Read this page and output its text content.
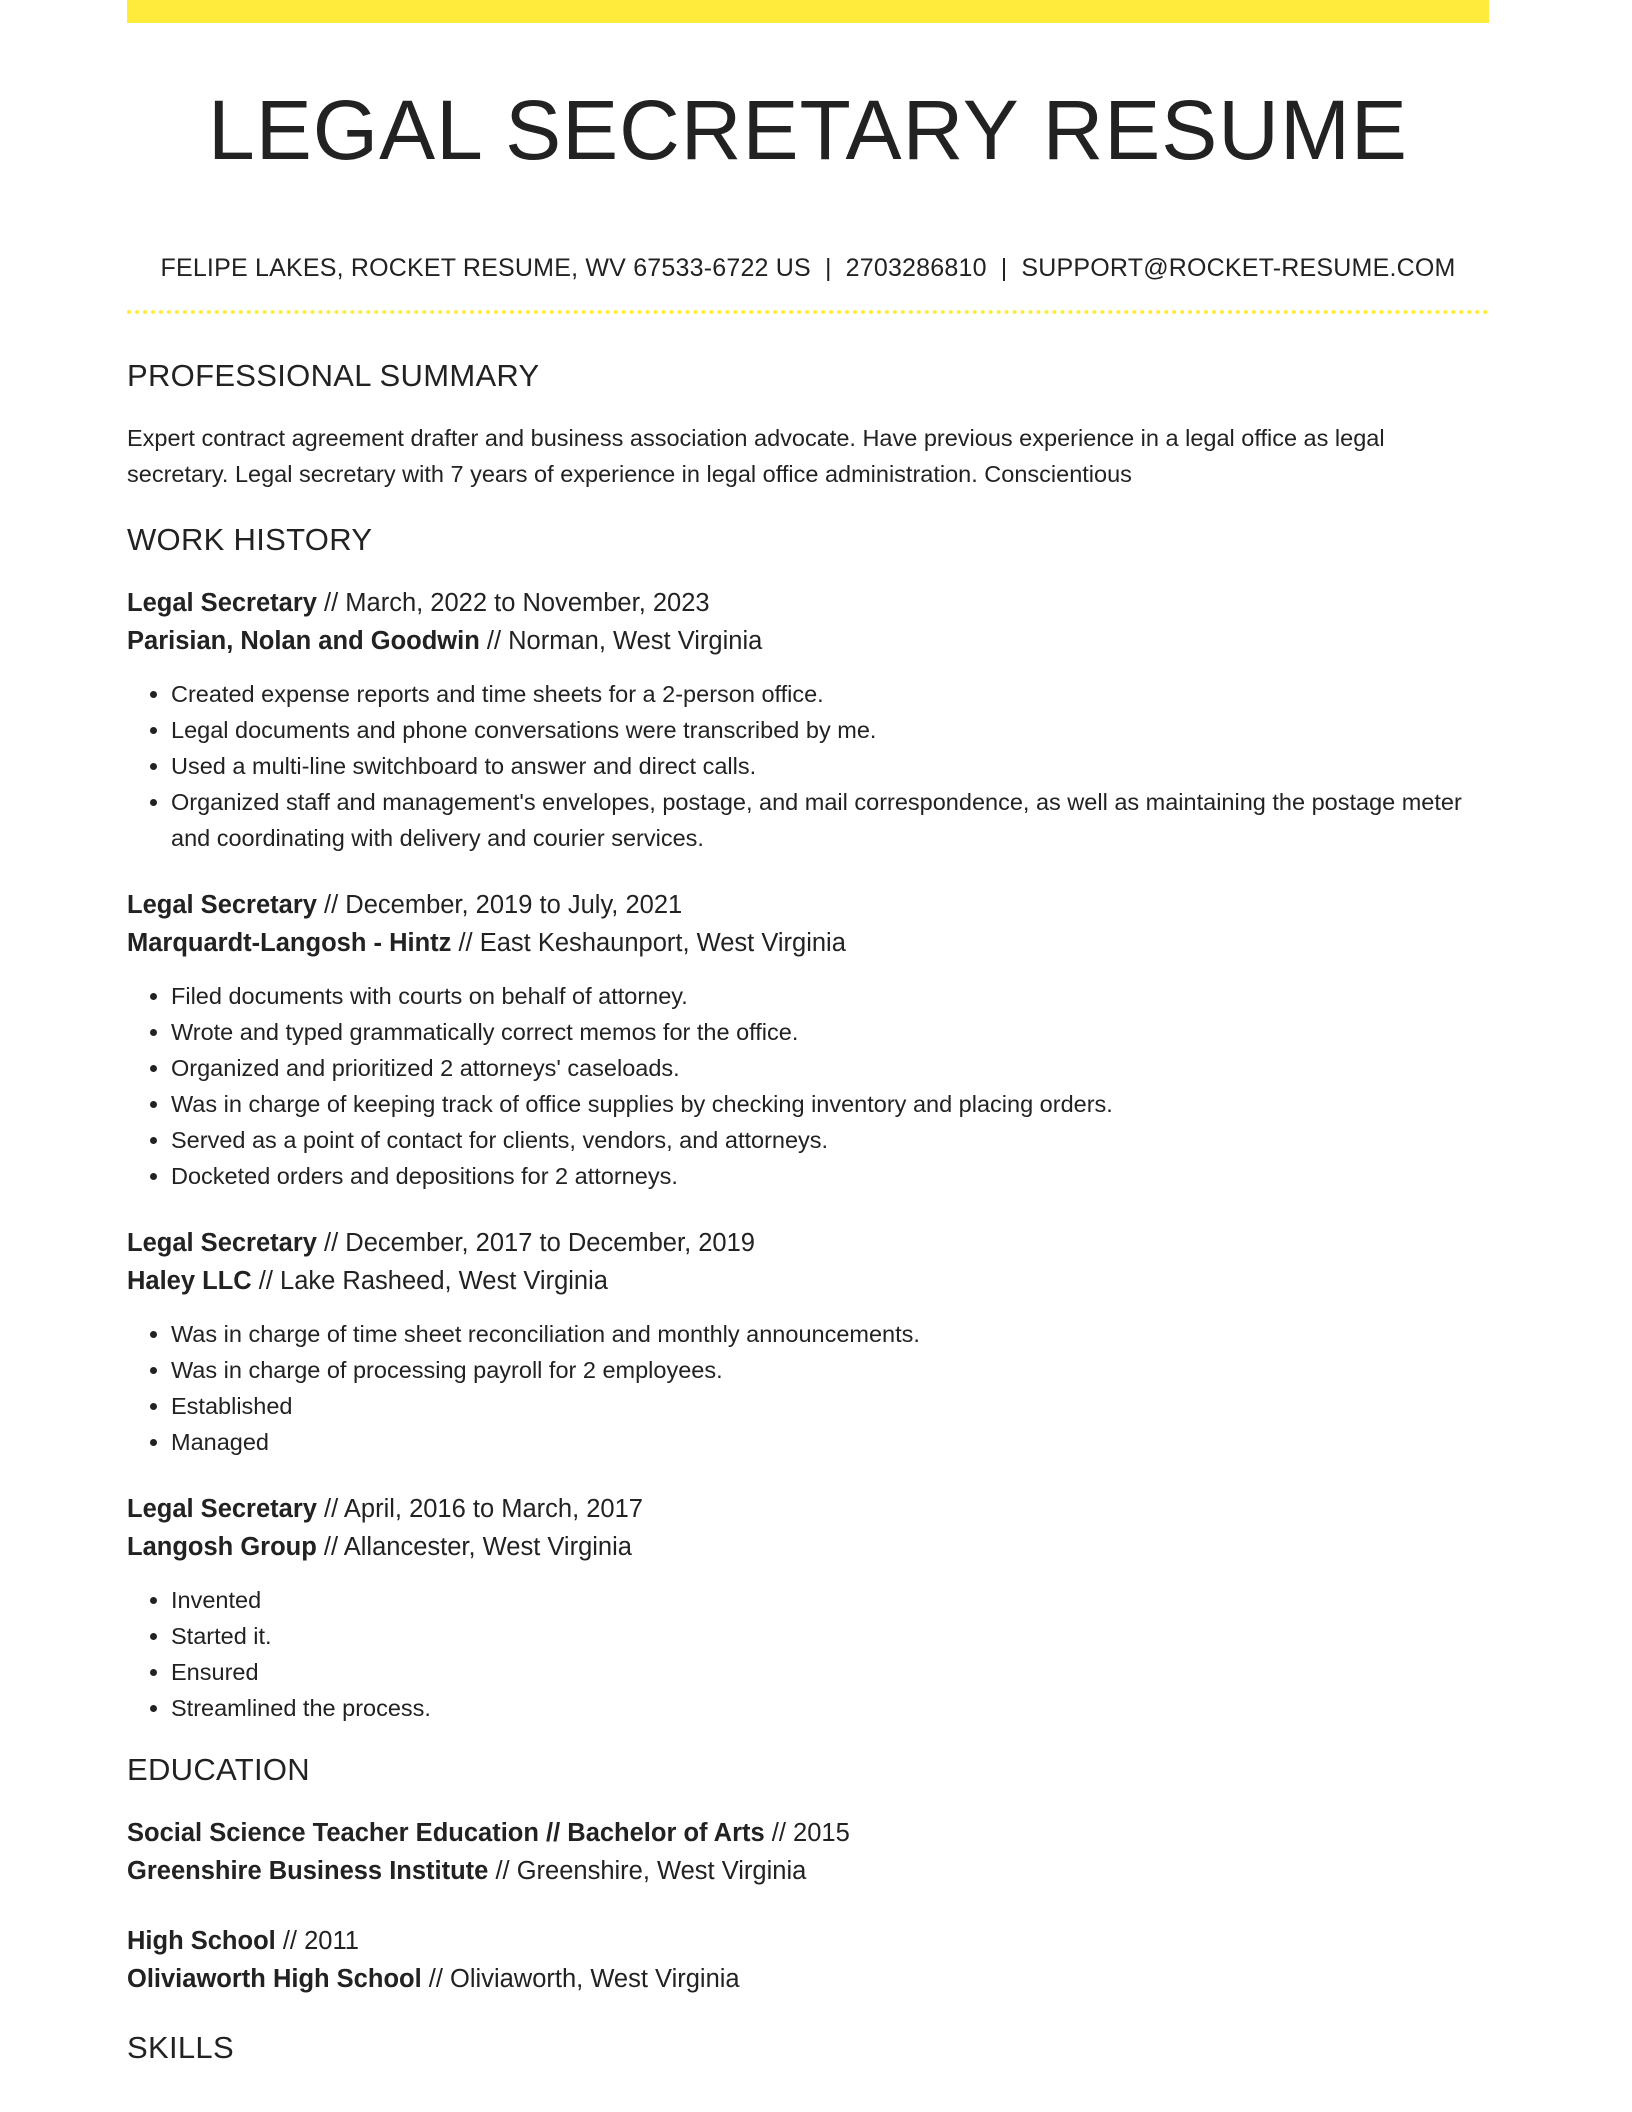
LEGAL SECRETARY RESUME
FELIPE LAKES, ROCKET RESUME, WV 67533-6722 US | 2703286810 | SUPPORT@ROCKET-RESUME.COM
PROFESSIONAL SUMMARY
Expert contract agreement drafter and business association advocate. Have previous experience in a legal office as legal secretary. Legal secretary with 7 years of experience in legal office administration. Conscientious
WORK HISTORY
Legal Secretary // March, 2022 to November, 2023
Parisian, Nolan and Goodwin // Norman, West Virginia
• Created expense reports and time sheets for a 2-person office.
• Legal documents and phone conversations were transcribed by me.
• Used a multi-line switchboard to answer and direct calls.
• Organized staff and management's envelopes, postage, and mail correspondence, as well as maintaining the postage meter and coordinating with delivery and courier services.
Legal Secretary // December, 2019 to July, 2021
Marquardt-Langosh - Hintz // East Keshaunport, West Virginia
• Filed documents with courts on behalf of attorney.
• Wrote and typed grammatically correct memos for the office.
• Organized and prioritized 2 attorneys' caseloads.
• Was in charge of keeping track of office supplies by checking inventory and placing orders.
• Served as a point of contact for clients, vendors, and attorneys.
• Docketed orders and depositions for 2 attorneys.
Legal Secretary // December, 2017 to December, 2019
Haley LLC // Lake Rasheed, West Virginia
• Was in charge of time sheet reconciliation and monthly announcements.
• Was in charge of processing payroll for 2 employees.
• Established
• Managed
Legal Secretary // April, 2016 to March, 2017
Langosh Group // Allancester, West Virginia
• Invented
• Started it.
• Ensured
• Streamlined the process.
EDUCATION
Social Science Teacher Education // Bachelor of Arts // 2015
Greenshire Business Institute // Greenshire, West Virginia
High School // 2011
Oliviaworth High School // Oliviaworth, West Virginia
SKILLS
